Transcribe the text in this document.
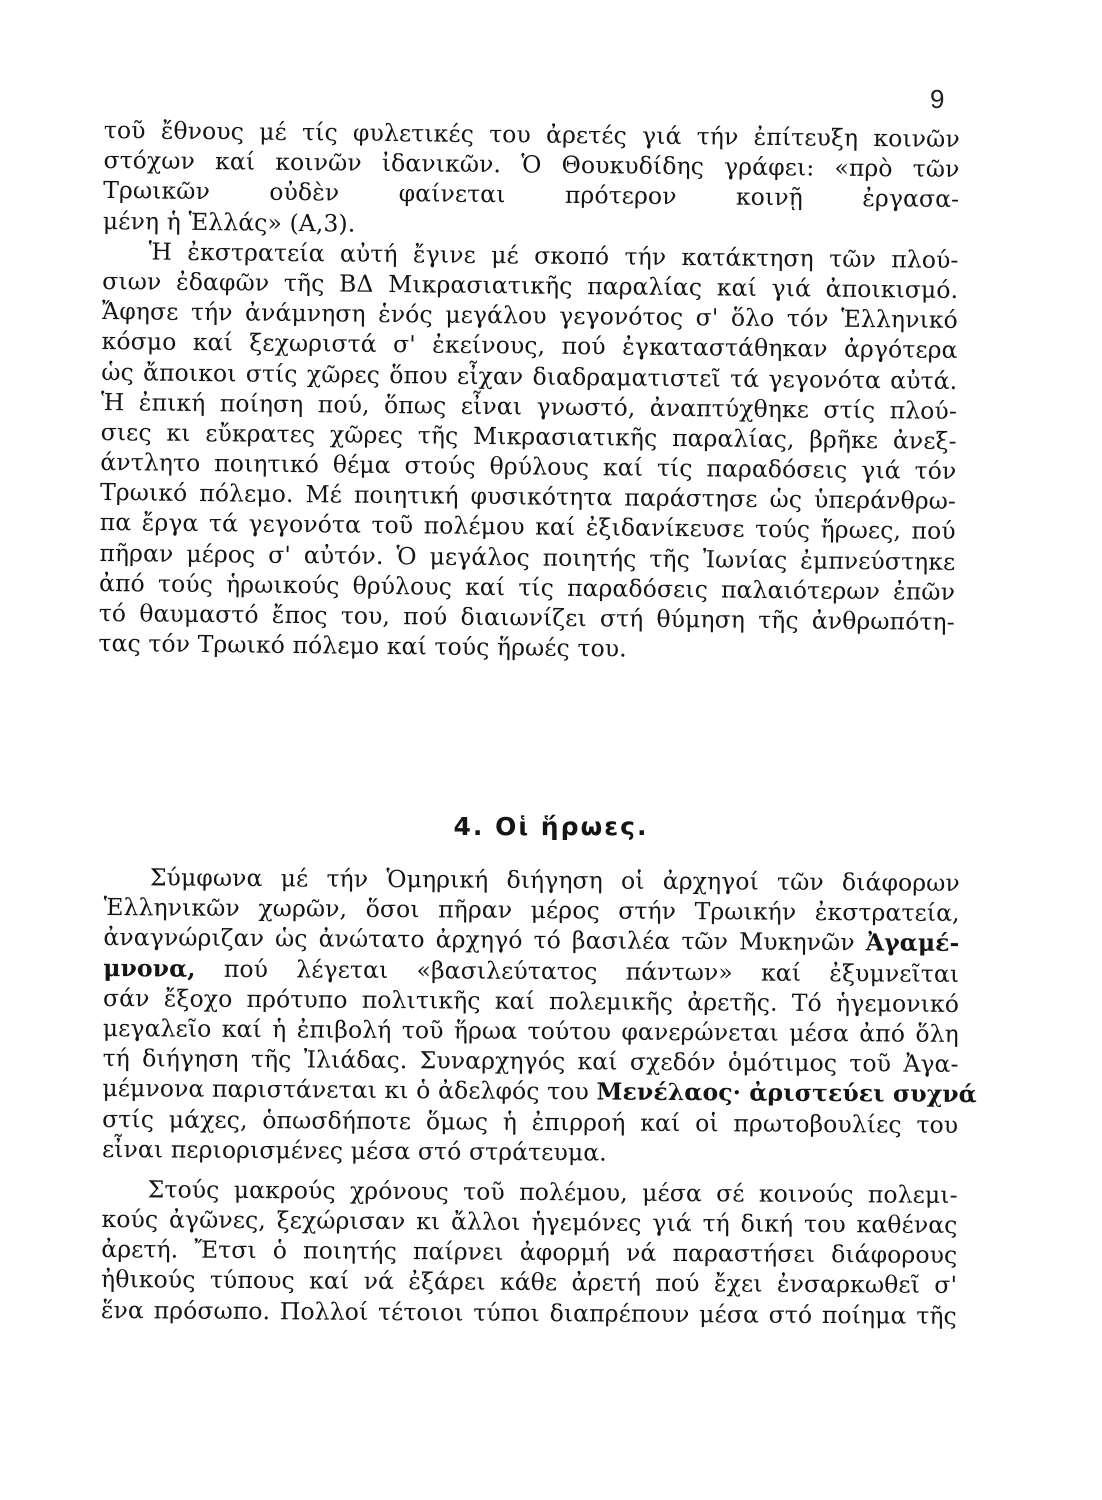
9
τοῦ ἔθνους μέ τίς φυλετικές του ἀρετές γιά τήν ἐπίτευξη κοινῶν
στόχων καί κοινῶν ἰδανικῶν. Ὁ Θουκυδίδης γράφει: «πρὸ τῶν
Τρωικῶν οὐδὲν φαίνεται πρότερον κοινῇ ἐργασα-
μένη ἡ Ἑλλάς» (Α,3).
Ἡ ἐκστρατεία αὐτή ἔγινε μέ σκοπό τήν κατάκτηση τῶν πλού-
σιων ἐδαφῶν τῆς ΒΔ Μικρασιατικῆς παραλίας καί γιά ἀποικισμό.
Ἄφησε τήν ἀνάμνηση ἑνός μεγάλου γεγονότος σ' ὅλο τόν Ἑλληνικό
κόσμο καί ξεχωριστά σ' ἐκείνους, πού ἐγκαταστάθηκαν ἀργότερα
ὡς ἄποικοι στίς χῶρες ὅπου εἶχαν διαδραματιστεῖ τά γεγονότα αὐτά.
Ἡ ἐπική ποίηση πού, ὅπως εἶναι γνωστό, ἀναπτύχθηκε στίς πλού-
σιες κι εὔκρατες χῶρες τῆς Μικρασιατικῆς παραλίας, βρῆκε ἀνεξ-
άντλητο ποιητικό θέμα στούς θρύλους καί τίς παραδόσεις γιά τόν
Τρωικό πόλεμο. Μέ ποιητική φυσικότητα παράστησε ὡς ὑπεράνθρω-
πα ἔργα τά γεγονότα τοῦ πολέμου καί ἐξιδανίκευσε τούς ἥρωες, πού
πῆραν μέρος σ' αὐτόν. Ὁ μεγάλος ποιητής τῆς Ἰωνίας ἐμπνεύστηκε
ἀπό τούς ἡρωικούς θρύλους καί τίς παραδόσεις παλαιότερων ἐπῶν
τό θαυμαστό ἔπος του, πού διαιωνίζει στή θύμηση τῆς ἀνθρωπότη-
τας τόν Τρωικό πόλεμο καί τούς ἥρωές του.
4. Οἱ ἥρωες.
Σύμφωνα μέ τήν Ὁμηρική διήγηση οἱ ἀρχηγοί τῶν διάφορων
Ἑλληνικῶν χωρῶν, ὅσοι πῆραν μέρος στήν Τρωικήν ἐκστρατεία,
ἀναγνώριζαν ὡς ἀνώτατο ἀρχηγό τό βασιλέα τῶν Μυκηνῶν Ἀγαμέ-
μνονα, πού λέγεται «βασιλεύτατος πάντων» καί ἐξυμνεῖται
σάν ἔξοχο πρότυπο πολιτικῆς καί πολεμικῆς ἀρετῆς. Τό ἡγεμονικό
μεγαλεῖο καί ἡ ἐπιβολή τοῦ ἥρωα τούτου φανερώνεται μέσα ἀπό ὅλη
τή διήγηση τῆς Ἰλιάδας. Συναρχηγός καί σχεδόν ὁμότιμος τοῦ Ἀγα-
μέμνονα παριστάνεται κι ὁ ἀδελφός του Μενέλαος· ἀριστεύει συχνά
στίς μάχες, ὁπωσδήποτε ὅμως ἡ ἐπιρροή καί οἱ πρωτοβουλίες του
εἶναι περιορισμένες μέσα στό στράτευμα.
Στούς μακρούς χρόνους τοῦ πολέμου, μέσα σέ κοινούς πολεμι-
κούς ἀγῶνες, ξεχώρισαν κι ἄλλοι ἡγεμόνες γιά τή δική του καθένας
ἀρετή. Ἔτσι ὁ ποιητής παίρνει ἀφορμή νά παραστήσει διάφορους
ἠθικούς τύπους καί νά ἐξάρει κάθε ἀρετή πού ἔχει ἐνσαρκωθεῖ σ'
ἕνα πρόσωπο. Πολλοί τέτοιοι τύποι διαπρέπουν μέσα στό ποίημα τῆς
